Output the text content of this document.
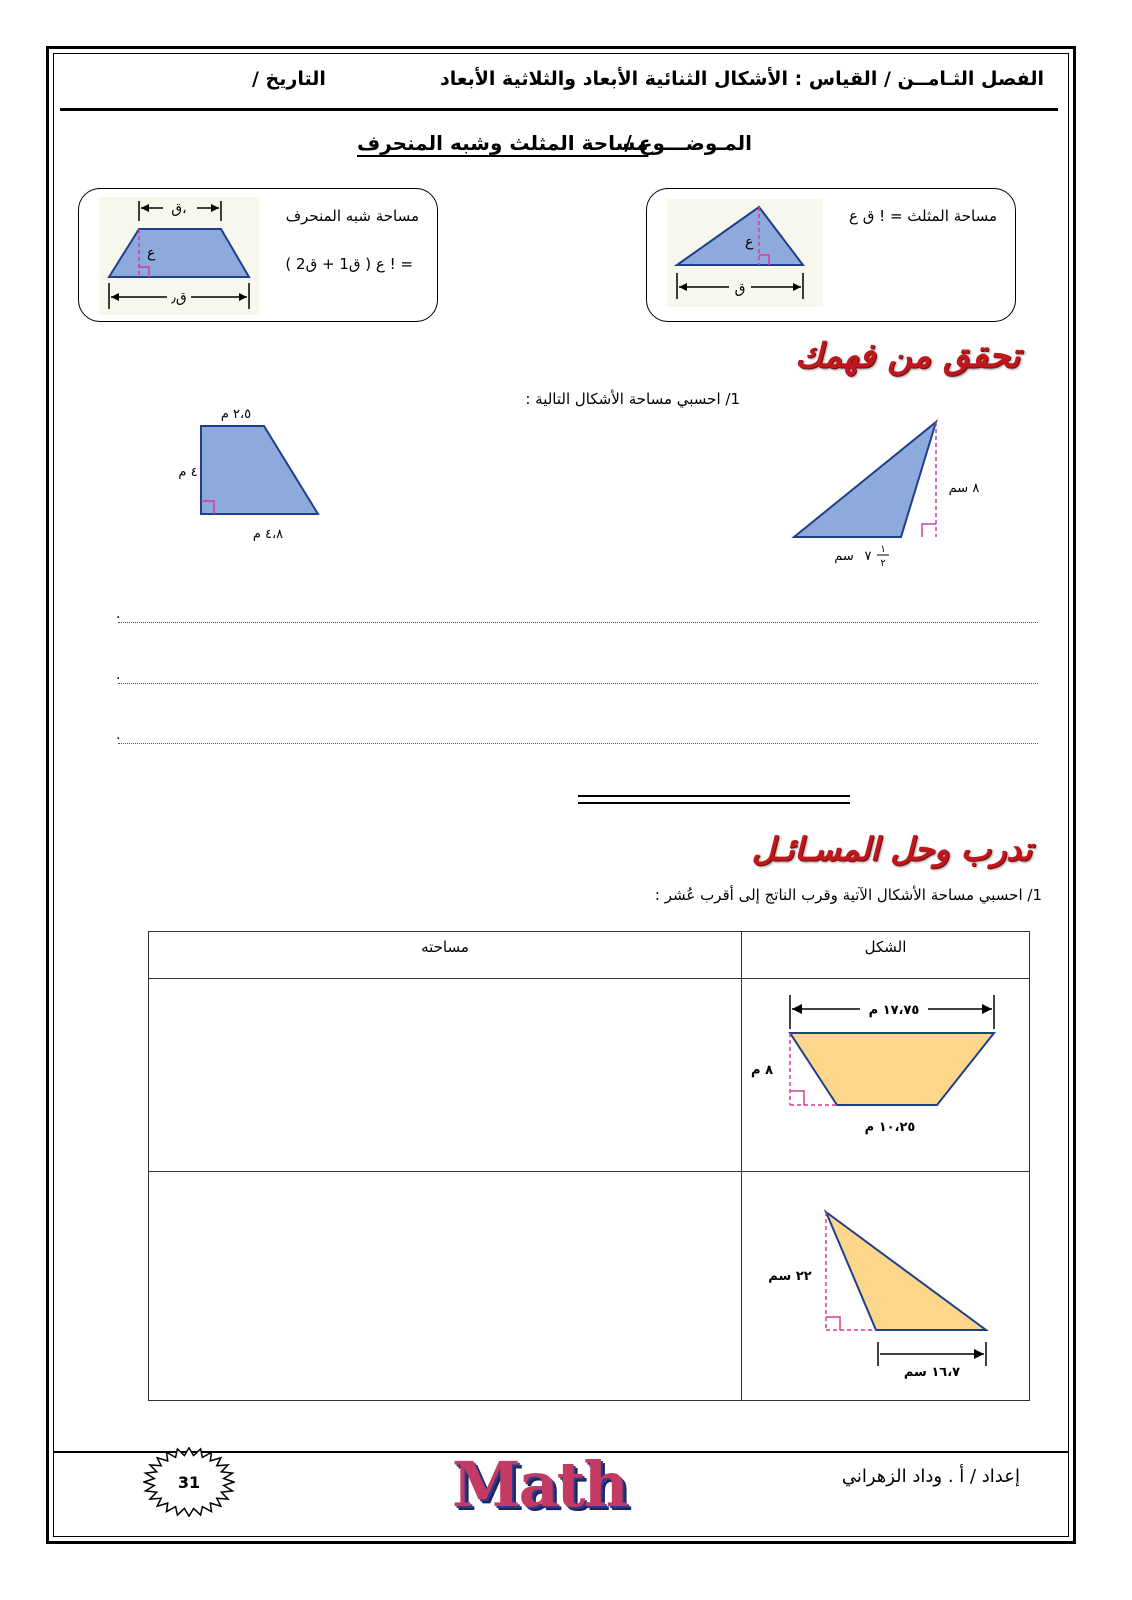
الفصل الثـامــن / القياس : الأشكال الثنائية الأبعاد والثلاثية الأبعاد
التاريخ /
المـوضـــوع /
مساحة المثلث وشبه المنحرف
ق،
ع
ق٫
مساحة شبه المنحرف
= ! ع ( ق1 + ق2 )
ع
ق
مساحة المثلث = ! ق ع
تحقق من فهمك
1/ احسبي مساحة الأشكال التالية :
٢،٥ م
٤ م
٤،٨ م
٨ سم
سم ٧ ١
٢
.
.
.
تدرب وحل المسـائـل
1/ احسبي مساحة الأشكال الآتية وقرب الناتج إلى أقرب عُشر :
مساحته	الشكل

١٧،٧٥ م
٨ م
١٠،٢٥ م

٢٢ سم
١٦،٧ سم
إعداد / أ . وداد الزهراني
Math
31
